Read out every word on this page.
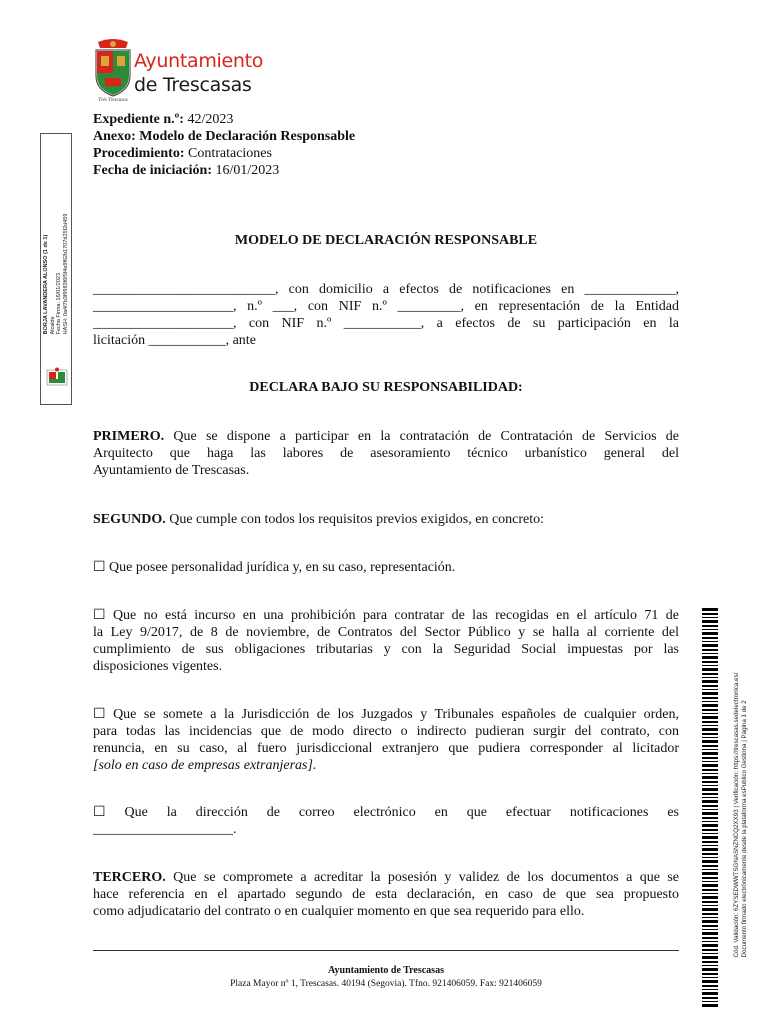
Trés Trescasas
Ayuntamiento
de Trescasas
Expediente n.º: 42/2023
Anexo: Modelo de Declaración Responsable
Procedimiento: Contrataciones
Fecha de iniciación: 16/01/2023
BORJA LAVANDERA ALONSO (1 de 1) Alcalde Fecha Firma: 16/01/2023 HASH: 0a4f7b3f9983f6f5f4e9f62b1707d25f2d459	MODELO DE DECLARACIÓN RESPONSABLE
__________________________, con domicilio a efectos de notificaciones en _____________,
____________________, n.º ___, con NIF n.º _________, en representación de la Entidad
____________________, con NIF n.º ___________, a efectos de su participación en la
licitación ___________, ante
DECLARA BAJO SU RESPONSABILIDAD:
PRIMERO. Que se dispone a participar en la contratación de Contratación de Servicios de
Arquitecto que haga las labores de asesoramiento técnico urbanístico general del
Ayuntamiento de Trescasas.
SEGUNDO. Que cumple con todos los requisitos previos exigidos, en concreto:
☐ Que posee personalidad jurídica y, en su caso, representación.
☐ Que no está incurso en una prohibición para contratar de las recogidas en el artículo 71 de
la Ley 9/2017, de 8 de noviembre, de Contratos del Sector Público y se halla al corriente del
cumplimiento de sus obligaciones tributarias y con la Seguridad Social impuestas por las
disposiciones vigentes.
☐ Que se somete a la Jurisdicción de los Juzgados y Tribunales españoles de cualquier orden,
para todas las incidencias que de modo directo o indirecto pudieran surgir del contrato, con
renuncia, en su caso, al fuero jurisdiccional extranjero que pudiera corresponder al licitador
[solo en caso de empresas extranjeras].
☐ Que la dirección de correo electrónico en que efectuar notificaciones es
____________________.
TERCERO. Que se compromete a acreditar la posesión y validez de los documentos a que se
hace referencia en el apartado segundo de esta declaración, en caso de que sea propuesto
como adjudicatario del contrato o en cualquier momento en que sea requerido para ello.	Cód. Validación: 6ZYSEDWWTSGNASNZNCQ2XX93 | Verificación: https://trescasas.sedelectronica.es/ Documento firmado electrónicamente desde la plataforma esPublico Gestiona | Página 1 de 2
Ayuntamiento de Trescasas
Plaza Mayor nº 1, Trescasas. 40194 (Segovia). Tfno. 921406059. Fax: 921406059
